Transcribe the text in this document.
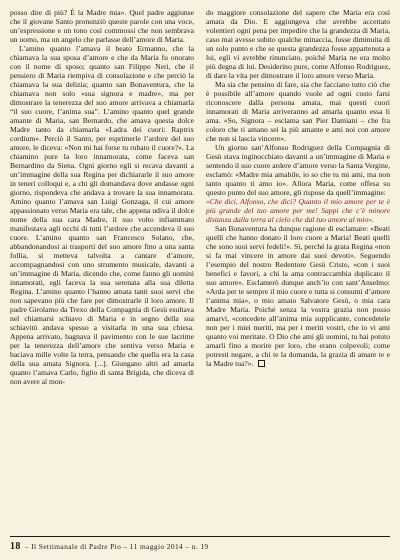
posso dire di più? È la Madre mia». Quel padre aggiunse che il giovane Santo pronunziò queste parole con una voce, un’espressione e un tono così commossi che non sembrava un uomo, ma un angelo che parlasse dell’amore di Maria.

L’amino quanto l’amava il beato Ermanno, che la chiamava la sua sposa d’amore e che da Maria fu onorato con il nome di sposo; quanto san Filippo Neri, che il pensiero di Maria riempiva di consolazione e che perciò la chiamava la sua delizia; quanto san Bonaventura, che la chiamava non solo «sua signora e madre», ma per dimostrare la tenerezza del suo amore arrivava a chiamarla “il suo cuore, l’anima sua”. L’amino quanto quel grande amante di Maria, san Bernardo, che amava questa dolce Madre tanto da chiamarla «Ladra dei cuori: Raptrix cordium». Perciò il Santo, per esprimerle l’ardore del suo amore, le diceva: «Non mi hai forse tu rubato il cuore?». La chiamino pure la loro innamorata, come faceva san Bernardino da Siena. Ogni giorno egli si recava davanti a un’immagine della sua Regina per dichiararle il suo amore in teneri colloqui e, a chi gli domandava dove andasse ogni giorno, rispondeva che andava a trovare la sua innamorata. Amino quanto l’amava san Luigi Gonzaga, il cui amore appassionato verso Maria era tale, che appena udiva il dolce nome della sua cara Madre, il suo volto infiammato manifestava agli occhi di tutti l’ardore che accendeva il suo cuore. L’amino quanto san Francesco Solano, che, abbandonandosi ai trasporti del suo amore fino a una santa follia, si metteva talvolta a cantare d’amore, accompagnandosi con uno strumento musicale, davanti a un’immagine di Maria, dicendo che, come fanno gli uomini innamorati, egli faceva la sua serenata alla sua diletta Regina. L’amino quanto l’hanno amata tanti suoi servi che non sapevano più che fare per dimostrarle il loro amore. Il padre Girolamo da Trexo della Compagnia di Gesù esultava nel chiamarsi schiavo di Maria e in segno della sua schiavitù andava spesso a visitarla in una sua chiesa. Appena arrivato, bagnava il pavimento con le sue lacrime per la tenerezza dell’amore che sentiva verso Maria e baciava mille volte la terra, pensando che quella era la casa della sua amata Signora. [...]. Giungano altri ad amarla quanto l’amava Carlo, figlio di santa Brigida, che diceva di non avere al mon-

do maggiore consolazione del sapere che Maria era così amata da Dio. E aggiungeva che avrebbe accettato volentieri ogni pena per impedire che la grandezza di Maria, caso mai avesse subito qualche minaccia, fosse diminuita di un solo punto e che se questa grandezza fosse appartenuta a lui, egli vi avrebbe rinunciato, poiché Maria ne era molto più degna di lui. Desiderino pure, come Alfonso Rodriguez, di dare la vita per dimostrare il loro amore verso Maria.

Ma sia che pensino di fare, sia che facciano tutto ciò che è possibile all’amore quando vuole ad ogni costo farsi riconoscere dalla persona amata, mai questi cuori innamorati di Maria arriveranno ad amarla quanto essa li ama. «So, Signora – esclama san Pier Damiani – che fra coloro che ti amano sei la più amante e ami noi con amore che non si lascia vincere».

Un giorno san’Alfonso Rodriguez della Compagnia di Gesù stava inginocchiato davanti a un’immagine di Maria e sentendo il suo cuore ardere d’amore verso la Santa Vergine, esclamò: «Madre mia amabile, io so che tu mi ami, ma non tanto quanto ti amo io». Allora Maria, come offesa su questo punto del suo amore, gli rispose da quell’immagine:

«Che dici, Alfonso, che dici? Quanto il mio amore per te è più grande del tuo amore per me! Sappi che c’è minore distanza dalla terra al cielo che dal tuo amore al mio».

San Bonaventura ha dunque ragione di esclamare: «Beati quelli che hanno donato il loro cuore a Maria! Beati quelli che sono suoi servi fedeli!». Sì, perché la grata Regina «non si fa mai vincere in amore dai suoi devoti». Seguendo l’esempio del nostro Redentore Gesù Cristo, «con i suoi benefici e favori, a chi la ama contraccambia duplicato il suo amore». Esclamerò dunque anch’io con sant’Anselmo: «Arda per te sempre il mio cuore e tutta si consumi d’amore l’anima mia», o mio amato Salvatore Gesù, o mia cara Madre Maria. Poiché senza la vostra grazia non posso amarvi, «concedete all’anima mia supplicante, concedetele non per i miei meriti, ma per i meriti vostri, che io vi ami quanto voi meritate. O Dio che ami gli uomini, tu hai potuto amarli fino a morire per loro, che erano colpevoli; come potresti negare, a chi te la domanda, la grazia di amare te e la Madre tua?».

18 – Il Settimanale di Padre Pio – 11 maggio 2014 – n. 19
